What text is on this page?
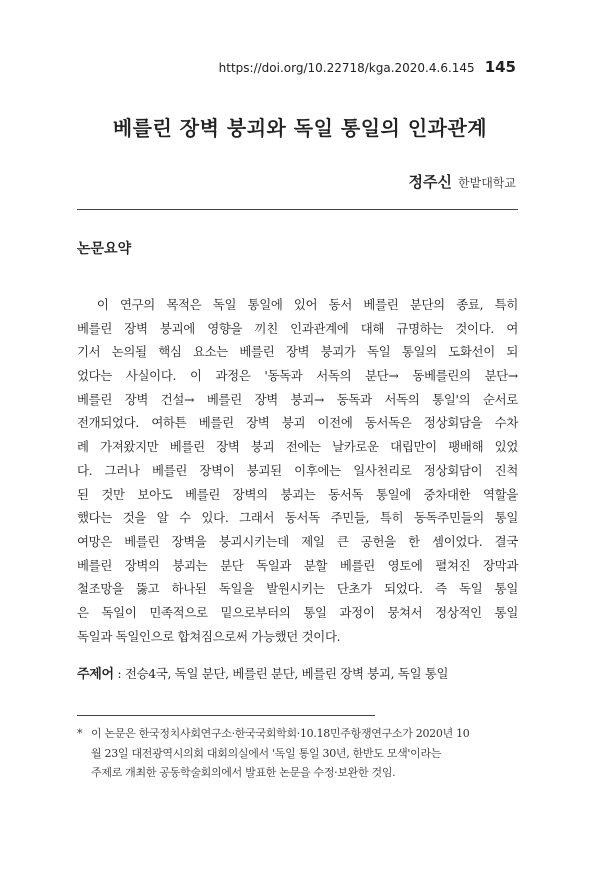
https://doi.org/10.22718/kga.2020.4.6.145 145
베를린 장벽 붕괴와 독일 통일의 인과관계
정주신 한밭대학교
논문요약
　이 연구의 목적은 독일 통일에 있어 동서 베를린 분단의 종료, 특히
베를린 장벽 붕괴에 영향을 끼친 인과관계에 대해 규명하는 것이다. 여
기서 논의될 핵심 요소는 베를린 장벽 붕괴가 독일 통일의 도화선이 되
었다는 사실이다. 이 과정은 '동독과 서독의 분단→ 동베를린의 분단→
베를린 장벽 건설→ 베를린 장벽 붕괴→ 동독과 서독의 통일'의 순서로
전개되었다. 여하튼 베를린 장벽 붕괴 이전에 동서독은 정상회담을 수차
례 가져왔지만 베를린 장벽 붕괴 전에는 날카로운 대립만이 팽배해 있었
다. 그러나 베를린 장벽이 붕괴된 이후에는 일사천리로 정상회담이 진척
된 것만 보아도 베를린 장벽의 붕괴는 동서독 통일에 중차대한 역할을
했다는 것을 알 수 있다. 그래서 동서독 주민들, 특히 동독주민들의 통일
여망은 베를린 장벽을 붕괴시키는데 제일 큰 공헌을 한 셈이었다. 결국
베를린 장벽의 붕괴는 분단 독일과 분할 베를린 영토에 펼쳐진 장막과
철조망을 뚫고 하나된 독일을 발원시키는 단초가 되었다. 즉 독일 통일
은 독일이 민족적으로 밑으로부터의 통일 과정이 뭉쳐서 정상적인 통일
독일과 독일인으로 합쳐짐으로써 가능했던 것이다.
주제어 : 전승4국, 독일 분단, 베를린 분단, 베를린 장벽 붕괴, 독일 통일
* 이 논문은 한국정치사회연구소·한국국회학회·10.18민주항쟁연구소가 2020년 10
월 23일 대전광역시의회 대회의실에서 '독일 통일 30년, 한반도 모색'이라는
주제로 개최한 공동학술회의에서 발표한 논문을 수정·보완한 것임.
